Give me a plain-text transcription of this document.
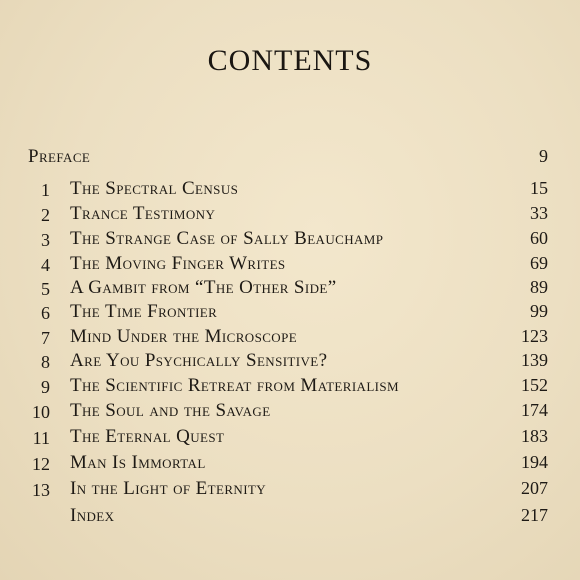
CONTENTS
Preface	9
1 The Spectral Census	15
2 Trance Testimony	33
3 The Strange Case of Sally Beauchamp	60
4 The Moving Finger Writes	69
5 A Gambit from “The Other Side”	89
6 The Time Frontier	99
7 Mind Under the Microscope	123
8 Are You Psychically Sensitive?	139
9 The Scientific Retreat from Materialism	152
10 The Soul and the Savage	174
11 The Eternal Quest	183
12 Man Is Immortal	194
13 In the Light of Eternity	207
Index	217
